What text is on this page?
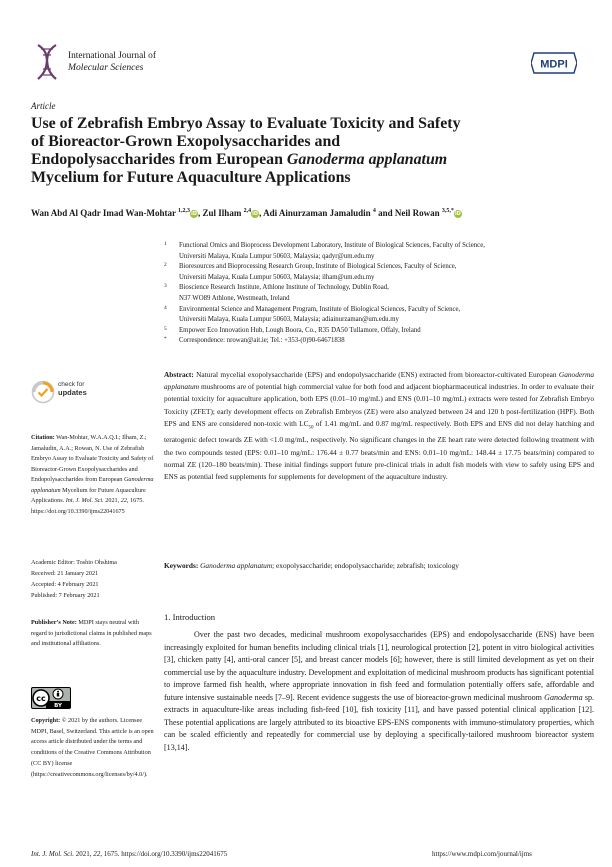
International Journal of
Molecular Sciences	MDPI
Article
Use of Zebrafish Embryo Assay to Evaluate Toxicity and Safety
of Bioreactor-Grown Exopolysaccharides and
Endopolysaccharides from European Ganoderma applanatum
Mycelium for Future Aquaculture Applications
Wan Abd Al Qadr Imad Wan-Mohtar $^{1,2,3}$iD, Zul Ilham $^{2,4}$iD, Adi Ainurzaman Jamaludin $^4$ and Neil Rowan $^{3,5,*}$iD
1 Functional Omics and Bioprocess Development Laboratory, Institute of Biological Sciences, Faculty of Science,
Universiti Malaya, Kuala Lumpur 50603, Malaysia; qadyr@um.edu.my
2 Bioresources and Bioprocessing Research Group, Institute of Biological Sciences, Faculty of Science,
Universiti Malaya, Kuala Lumpur 50603, Malaysia; ilham@um.edu.my
3 Bioscience Research Institute, Athlone Institute of Technology, Dublin Road,
N37 WO89 Athlone, Westmeath, Ireland
4 Environmental Science and Management Program, Institute of Biological Sciences, Faculty of Science,
Universiti Malaya, Kuala Lumpur 50603, Malaysia; adiainurzaman@um.edu.my
5 Empower Eco Innovation Hub, Lough Boora, Co., R35 DA50 Tullamore, Offaly, Ireland
* Correspondence: nrowan@ait.ie; Tel.: +353-(0)90-64671838
check for
updates
Citation: Wan-Mohtar, W.A.A.Q.I.; Ilham, Z.; Jamaludin, A.A.; Rowan, N. Use of Zebrafish Embryo Assay to Evaluate Toxicity and Safety of Bioreactor-Grown Exopolysaccharides and Endopolysaccharides from European Ganoderma applanatum Mycelium for Future Aquaculture Applications. Int. J. Mol. Sci. 2021, 22, 1675. https://doi.org/10.3390/ijms22041675
Academic Editor: Toshio Ohshima
Received: 21 January 2021
Accepted: 4 February 2021
Published: 7 February 2021
Publisher’s Note: MDPI stays neutral with regard to jurisdictional claims in published maps and institutional affiliations.
cc
BY
Copyright: © 2021 by the authors. Licensee MDPI, Basel, Switzerland. This article is an open access article distributed under the terms and conditions of the Creative Commons Attribution (CC BY) license (https://creativecommons.org/licenses/by/4.0/).
Abstract: Natural mycelial exopolysaccharide (EPS) and endopolysaccharide (ENS) extracted from bioreactor-cultivated European Ganoderma applanatum mushrooms are of potential high commercial value for both food and adjacent biopharmaceutical industries. In order to evaluate their potential toxicity for aquaculture application, both EPS (0.01–10 mg/mL) and ENS (0.01–10 mg/mL) extracts were tested for Zebrafish Embryo Toxicity (ZFET); early development effects on Zebrafish Embryos (ZE) were also analyzed between 24 and 120 h post-fertilization (HPF). Both EPS and ENS are considered non-toxic with $LC_{50}$ of 1.41 mg/mL and 0.87 mg/mL respectively. Both EPS and ENS did not delay hatching and teratogenic defect towards ZE with <1.0 mg/mL, respectively. No significant changes in the ZE heart rate were detected following treatment with the two compounds tested (EPS: 0.01–10 mg/mL: 176.44 ± 0.77 beats/min and ENS: 0.01–10 mg/mL: 148.44 ± 17.75 beats/min) compared to normal ZE (120–180 beats/min). These initial findings support future pre-clinical trials in adult fish models with view to safely using EPS and ENS as potential feed supplements for supplements for development of the aquaculture industry.
Keywords: Ganoderma applanatum; exopolysaccharide; endopolysaccharide; zebrafish; toxicology
1. Introduction
Over the past two decades, medicinal mushroom exopolysaccharides (EPS) and endopolysaccharide (ENS) have been increasingly exploited for human benefits including clinical trials [1], neurological protection [2], potent in vitro biological activities [3], chicken patty [4], anti-oral cancer [5], and breast cancer models [6]; however, there is still limited development as yet on their commercial use by the aquaculture industry. Development and exploitation of medicinal mushroom products has significant potential to improve farmed fish health, where appropriate innovation in fish feed and formulation potentially offers safe, affordable and future intensive sustainable needs [7–9]. Recent evidence suggests the use of bioreactor-grown medicinal mushroom Ganoderma sp. extracts in aquaculture-like areas including fish-feed [10], fish toxicity [11], and have passed potential clinical application [12]. These potential applications are largely attributed to its bioactive EPS-ENS components with immuno-stimulatory properties, which can be scaled efficiently and repeatedly for commercial use by deploying a specifically-tailored mushroom bioreactor system [13,14].
Int. J. Mol. Sci. 2021, 22, 1675. https://doi.org/10.3390/ijms22041675	https://www.mdpi.com/journal/ijms
